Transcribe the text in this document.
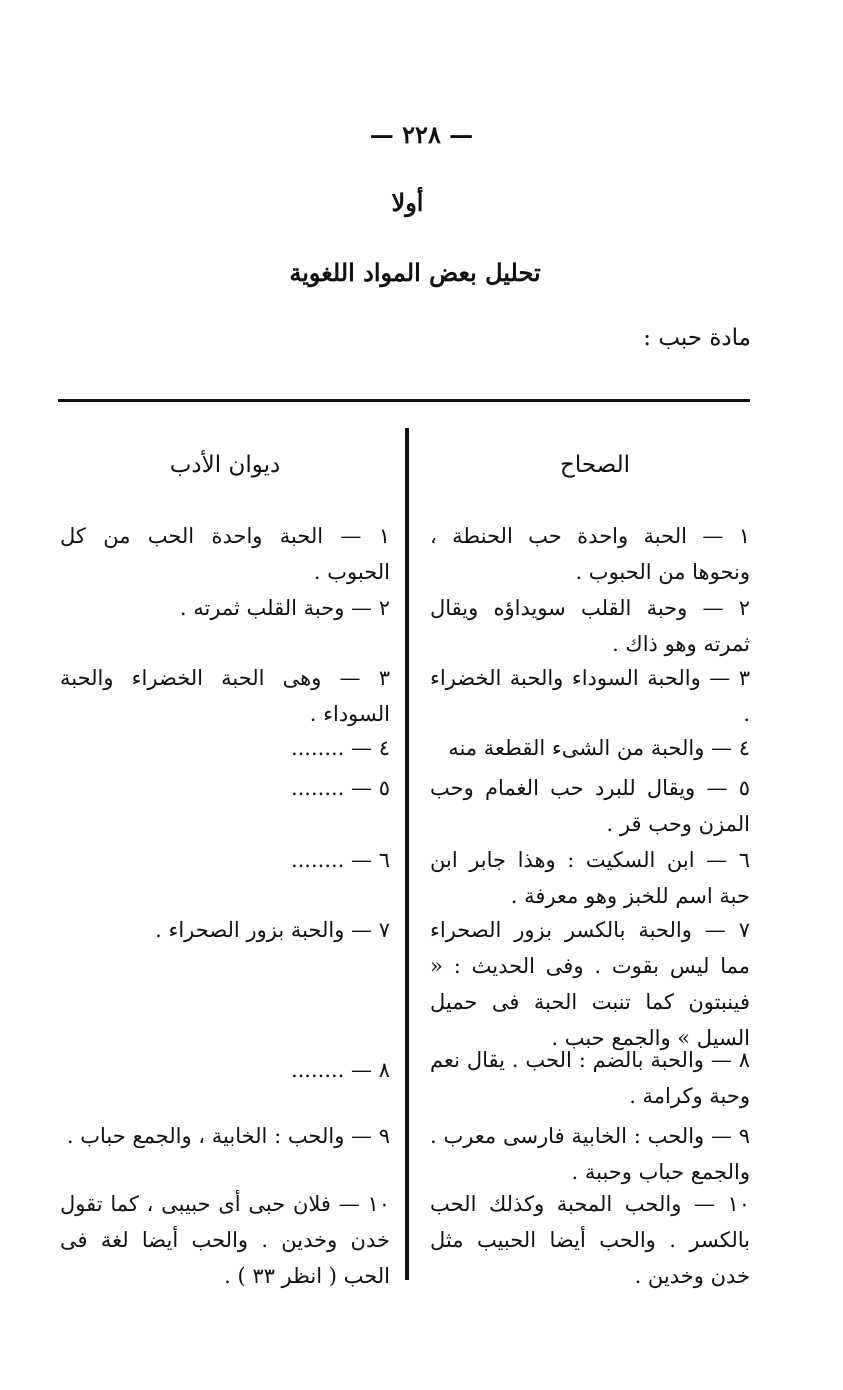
— ٢٢٨ —
أولا
تحليل بعض المواد اللغوية
مادة حبب :
الصحاح
ديوان الأدب
١ — الحبة واحدة حب الحنطة ، ونحوها من الحبوب .
٢ — وحبة القلب سويداؤه ويقال ثمرته وهو ذاك .
٣ — والحبة السوداء والحبة الخضراء .
٤ — والحبة من الشىء القطعة منه
٥ — ويقال للبرد حب الغمام وحب المزن وحب قر .
٦ — ابن السكيت : وهذا جابر ابن حبة اسم للخبز وهو معرفة .
٧ — والحبة بالكسر بزور الصحراء مما ليس بقوت . وفى الحديث : « فينبتون كما تنبت الحبة فى حميل السيل » والجمع حبب .
٨ — والحبة بالضم : الحب . يقال نعم وحبة وكرامة .
٩ — والحب : الخابية فارسى معرب . والجمع حباب وحببة .
١٠ — والحب المحبة وكذلك الحب بالكسر . والحب أيضا الحبيب مثل خدن وخدين .
١ — الحبة واحدة الحب من كل الحبوب .
٢ — وحبة القلب ثمرته .
٣ — وهى الحبة الخضراء والحبة السوداء .
٤ — ........
٥ — ........
٦ — ........
٧ — والحبة بزور الصحراء .
٨ — ........
٩ — والحب : الخابية ، والجمع حباب .
١٠ — فلان حبى أى حبيبى ، كما تقول خدن وخدين . والحب أيضا لغة فى الحب ( انظر ٣٣ ) .
